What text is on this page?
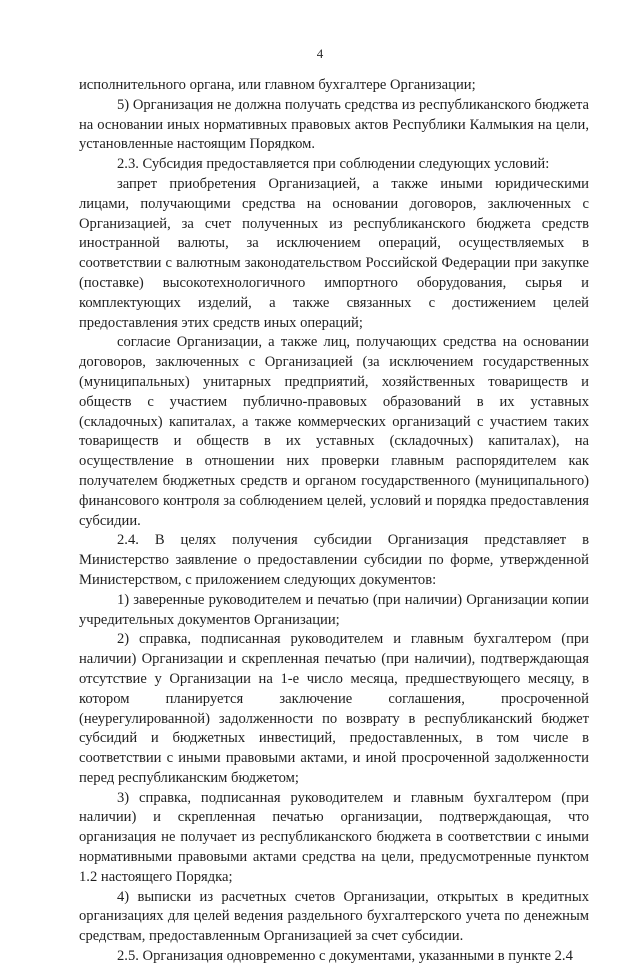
4

исполнительного органа, или главном бухгалтере Организации;

5) Организация не должна получать средства из республиканского бюджета на основании иных нормативных правовых актов Республики Калмыкия на цели, установленные настоящим Порядком.

2.3. Субсидия предоставляется при соблюдении следующих условий:

запрет приобретения Организацией, а также иными юридическими лицами, получающими средства на основании договоров, заключенных с Организацией, за счет полученных из республиканского бюджета средств иностранной валюты, за исключением операций, осуществляемых в соответствии с валютным законодательством Российской Федерации при закупке (поставке) высокотехнологичного импортного оборудования, сырья и комплектующих изделий, а также связанных с достижением целей предоставления этих средств иных операций;

согласие Организации, а также лиц, получающих средства на основании договоров, заключенных с Организацией (за исключением государственных (муниципальных) унитарных предприятий, хозяйственных товариществ и обществ с участием публично-правовых образований в их уставных (складочных) капиталах, а также коммерческих организаций с участием таких товариществ и обществ в их уставных (складочных) капиталах), на осуществление в отношении них проверки главным распорядителем как получателем бюджетных средств и органом государственного (муниципального) финансового контроля за соблюдением целей, условий и порядка предоставления субсидии.

2.4. В целях получения субсидии Организация представляет в Министерство заявление о предоставлении субсидии по форме, утвержденной Министерством, с приложением следующих документов:

1) заверенные руководителем и печатью (при наличии) Организации копии учредительных документов Организации;

2) справка, подписанная руководителем и главным бухгалтером (при наличии) Организации и скрепленная печатью (при наличии), подтверждающая отсутствие у Организации на 1-е число месяца, предшествующего месяцу, в котором планируется заключение соглашения, просроченной (неурегулированной) задолженности по возврату в республиканский бюджет субсидий и бюджетных инвестиций, предоставленных, в том числе в соответствии с иными правовыми актами, и иной просроченной задолженности перед республиканским бюджетом;

3) справка, подписанная руководителем и главным бухгалтером (при наличии) и скрепленная печатью организации, подтверждающая, что организация не получает из республиканского бюджета в соответствии с иными нормативными правовыми актами средства на цели, предусмотренные пунктом 1.2 настоящего Порядка;

4) выписки из расчетных счетов Организации, открытых в кредитных организациях для целей ведения раздельного бухгалтерского учета по денежным средствам, предоставленным Организацией за счет субсидии.

2.5. Организация одновременно с документами, указанными в пункте 2.4
